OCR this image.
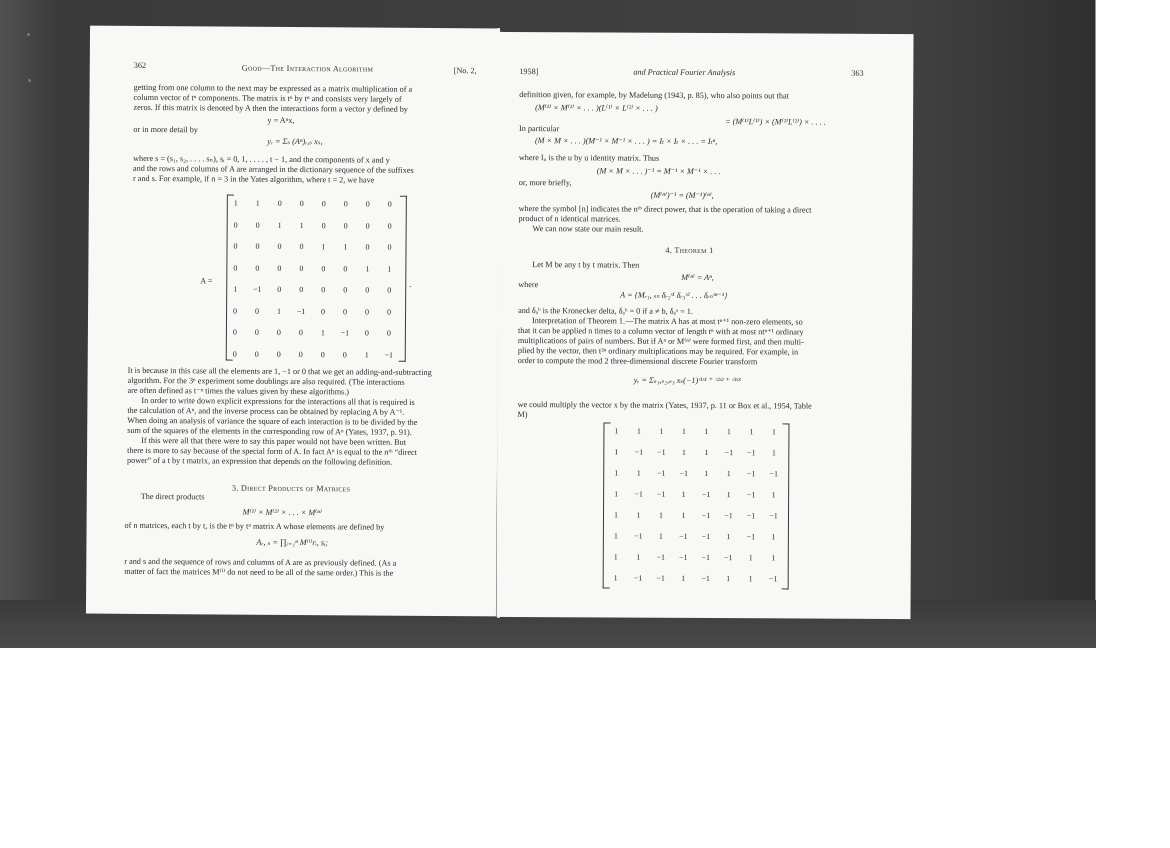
362	Good—The Interaction Algorithm	[No. 2,
getting from one column to the next may be expressed as a matrix multiplication of a
column vector of tⁿ components. The matrix is tⁿ by tⁿ and consists very largely of
zeros. If this matrix is denoted by A then the interactions form a vector y defined by
y = Aⁿx,
or in more detail by
yᵣ = Σₛ (Aⁿ)ᵣ,ₛ xₛ,
where s = (s₁, s₂, . . . . sₙ), sᵢ = 0, 1, . . . . , t − 1, and the components of x and y
and the rows and columns of A are arranged in the dictionary sequence of the suffixes
r and s. For example, if n = 3 in the Yates algorithm, where t = 2, we have
A =
1	1	0	0	0	0	0	0
0	0	1	1	0	0	0	0
0	0	0	0	1	1	0	0
0	0	0	0	0	0	1	1
1	−1	0	0	0	0	0	0
0	0	1	−1	0	0	0	0
0	0	0	0	1	−1	0	0
0	0	0	0	0	0	1	−1
.
It is because in this case all the elements are 1, −1 or 0 that we get an adding-and-subtracting
algorithm. For the 3ⁿ experiment some doublings are also required. (The interactions
are often defined as t⁻ⁿ times the values given by these algorithms.)
In order to write down explicit expressions for the interactions all that is required is
the calculation of Aⁿ, and the inverse process can be obtained by replacing A by A⁻¹.
When doing an analysis of variance the square of each interaction is to be divided by the
sum of the squares of the elements in the corresponding row of Aⁿ (Yates, 1937, p. 91).
If this were all that there were to say this paper would not have been written. But
there is more to say because of the special form of A. In fact Aⁿ is equal to the nᵗʰ “direct
power” of a t by t matrix, an expression that depends on the following definition.
3. Direct Products of Matrices
The direct products
M⁽¹⁾ × M⁽²⁾ × . . . × M⁽ⁿ⁾
of n matrices, each t by t, is the tⁿ by tⁿ matrix A whose elements are defined by
Aᵣ, ₛ = ∏ᵢ₌₁ⁿ M⁽ⁱ⁾rᵢ, sᵢ;
r and s and the sequence of rows and columns of A are as previously defined. (As a
matter of fact the matrices M⁽ⁱ⁾ do not need to be all of the same order.) This is the
1958]	and Practical Fourier Analysis	363
definition given, for example, by Madelung (1943, p. 85), who also points out that
(M⁽¹⁾ × M⁽²⁾ × . . . )(L⁽¹⁾ × L⁽²⁾ × . . . )
= (M⁽¹⁾L⁽¹⁾) × (M⁽²⁾L⁽²⁾) × . . . .
In particular
(M × M × . . . )(M⁻¹ × M⁻¹ × . . . ) = Iₜ × Iₜ × . . . = Iₜⁿ,
where Iᵤ is the u by u identity matrix. Thus
(M × M × . . . )⁻¹ = M⁻¹ × M⁻¹ × . . .
or, more briefly,
(M⁽ⁿ⁾)⁻¹ = (M⁻¹)⁽ⁿ⁾,
where the symbol [n] indicates the nᵗʰ direct power, that is the operation of taking a direct
product of n identical matrices.
We can now state our main result.
4. Theorem 1
Let M be any t by t matrix. Then
M⁽ⁿ⁾ = Aⁿ,
where
A = {Mᵣ₁, ₛₙ δᵣ₂ˢ¹ δᵣ₃ˢ² . . . δᵣₙˢⁿ⁻¹}
and δₐᵇ is the Kronecker delta, δₐᵇ = 0 if a ≠ b, δₐᵃ = 1.
Interpretation of Theorem 1.—The matrix A has at most tⁿ⁺¹ non-zero elements, so
that it can be applied n times to a column vector of length tⁿ with at most ntⁿ⁺¹ ordinary
multiplications of pairs of numbers. But if Aⁿ or M⁽ⁿ⁾ were formed first, and then multi-
plied by the vector, then t²ⁿ ordinary multiplications may be required. For example, in
order to compute the mod 2 three-dimensional discrete Fourier transform
yᵣ = Σₛ₁,ₛ₂,ₛ₃ xₛ(−1)ʳ¹ˢ¹ ⁺ ʳ²ˢ² ⁺ ʳ³ˢ³
we could multiply the vector x by the matrix (Yates, 1937, p. 11 or Box et al., 1954, Table
M)
1	1	1	1	1	1	1	1
1	−1	−1	1	1	−1	−1	1
1	1	−1	−1	1	1	−1	−1
1	−1	−1	1	−1	1	−1	1
1	1	1	1	−1	−1	−1	−1
1	−1	1	−1	−1	1	−1	1
1	1	−1	−1	−1	−1	1	1
1	−1	−1	1	−1	1	1	−1
